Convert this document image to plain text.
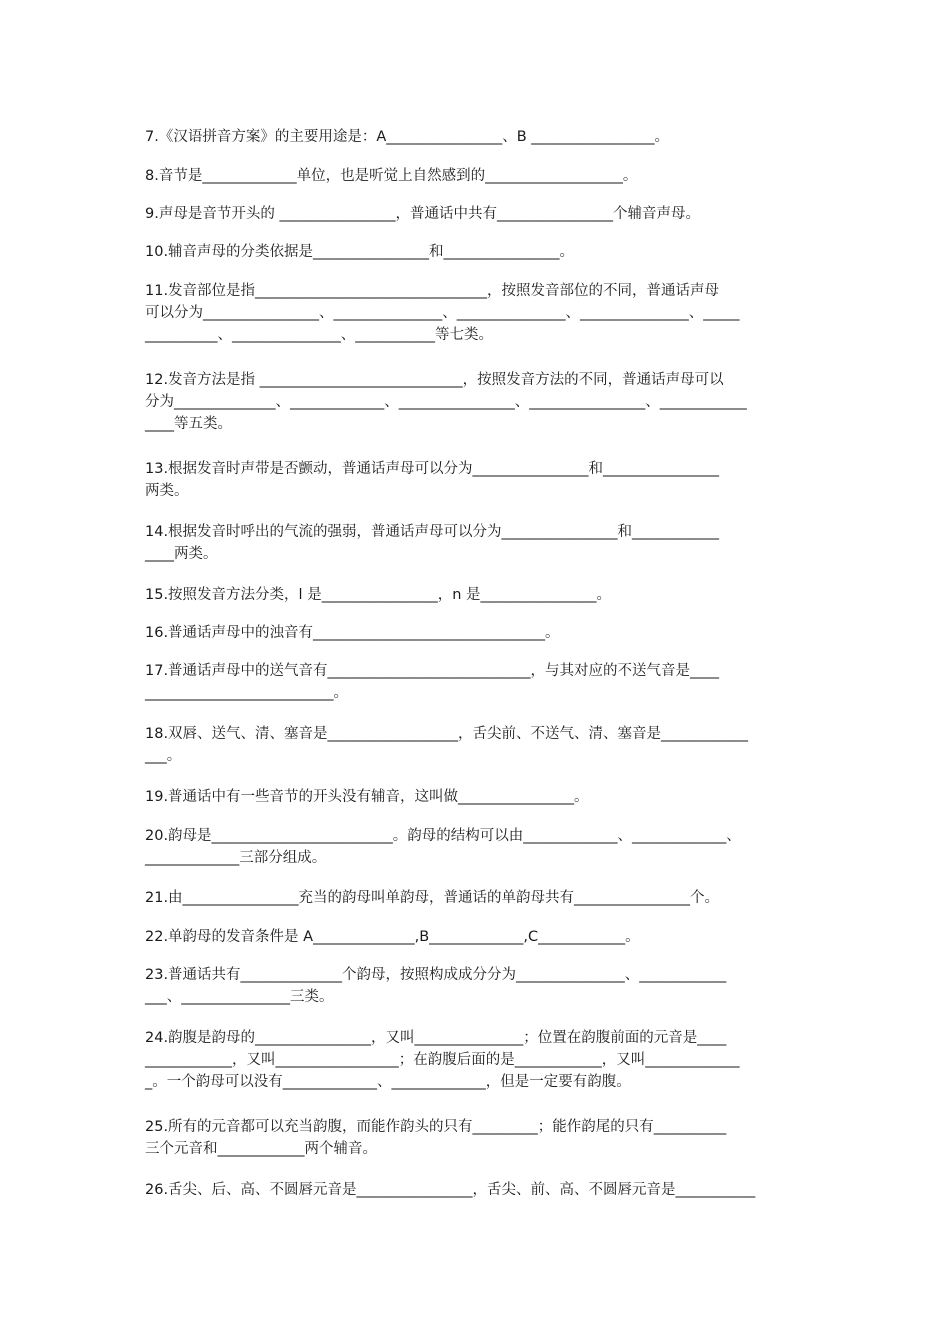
7.《汉语拼音方案》的主要用途是：A________________、B _________________。
8.音节是_____________单位，也是听觉上自然感到的___________________。
9.声母是音节开头的 ________________，普通话中共有________________个辅音声母。
10.辅音声母的分类依据是________________和________________。
11.发音部位是指________________________________，按照发音部位的不同，普通话声母
可以分为________________、_______________、_______________、_______________、_____
__________、_______________、___________等七类。
12.发音方法是指 ____________________________，按照发音方法的不同，普通话声母可以
分为______________、_____________、________________、________________、____________
____等五类。
13.根据发音时声带是否颤动，普通话声母可以分为________________和________________
两类。
14.根据发音时呼出的气流的强弱，普通话声母可以分为________________和____________
____两类。
15.按照发音方法分类，l 是________________，n 是________________。
16.普通话声母中的浊音有________________________________。
17.普通话声母中的送气音有____________________________，与其对应的不送气音是____
__________________________。
18.双唇、送气、清、塞音是__________________，舌尖前、不送气、清、塞音是____________
___。
19.普通话中有一些音节的开头没有辅音，这叫做________________。
20.韵母是_________________________。韵母的结构可以由_____________、_____________、
_____________三部分组成。
21.由________________充当的韵母叫单韵母，普通话的单韵母共有________________个。
22.单韵母的发音条件是 A______________,B_____________,C____________。
23.普通话共有______________个韵母，按照构成成分分为_______________、____________
___、_______________三类。
24.韵腹是韵母的________________，又叫_______________；位置在韵腹前面的元音是____
____________，又叫_________________；在韵腹后面的是____________，又叫_____________
_。一个韵母可以没有_____________、_____________，但是一定要有韵腹。
25.所有的元音都可以充当韵腹，而能作韵头的只有_________；能作韵尾的只有__________
三个元音和____________两个辅音。
26.舌尖、后、高、不圆唇元音是________________，舌尖、前、高、不圆唇元音是___________
